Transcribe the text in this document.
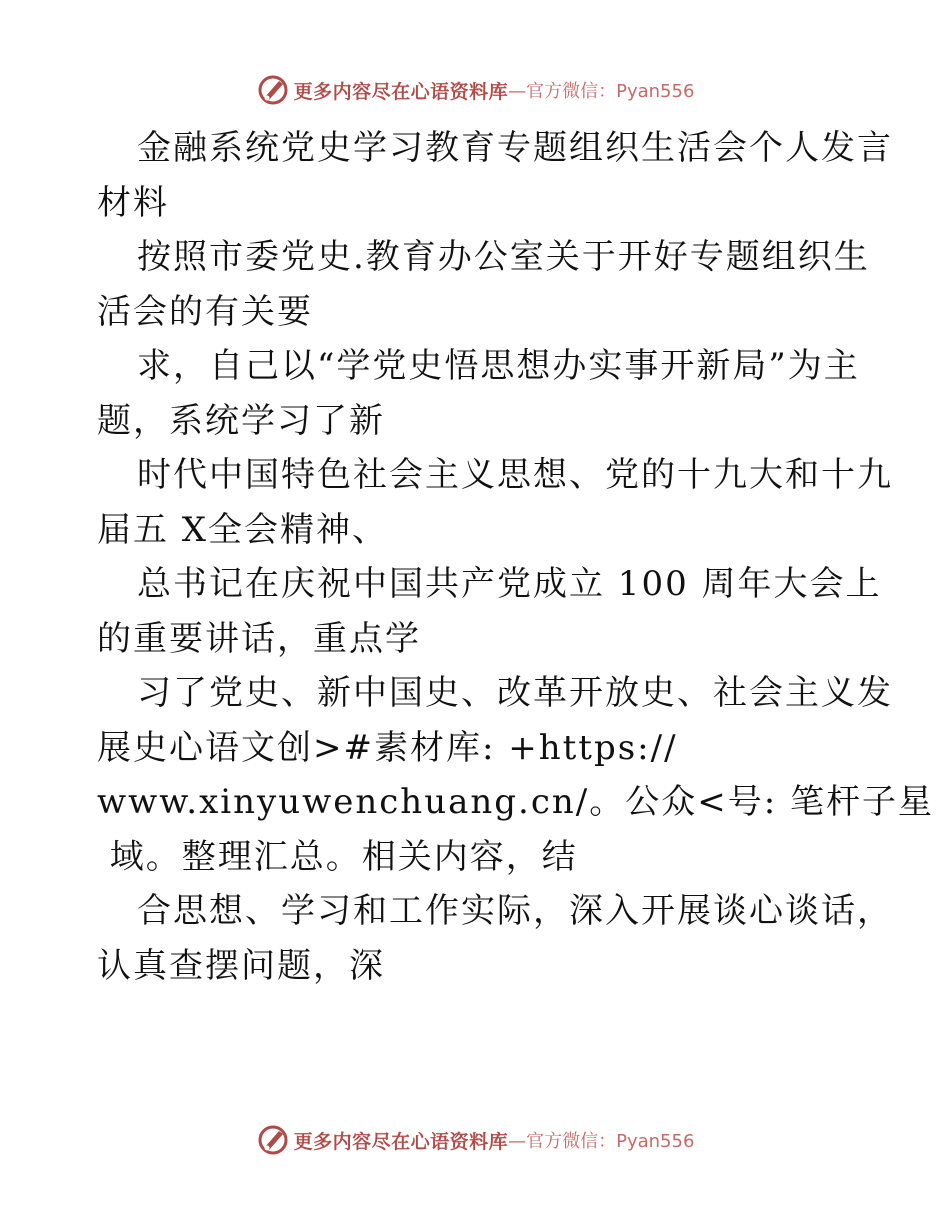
更多内容尽在心语资料库 —官方微信：Pyan556
金融系统党史学习教育专题组织生活会个人发言
材料
按照市委党史.教育办公室关于开好专题组织生
活会的有关要
求，自己以“学党史悟思想办实事开新局”为主
题，系统学习了新
时代中国特色社会主义思想、党的十九大和十九
届五 X全会精神、
总书记在庆祝中国共产党成立 100 周年大会上
的重要讲话，重点学
习了党史、新中国史、改革开放史、社会主义发
展史心语文创>#素材库: +https://
www.xinyuwenchuang.cn/。公众<号: 笔杆子星
域。整理汇总。相关内容，结
合思想、学习和工作实际，深入开展谈心谈话，
认真查摆问题，深
更多内容尽在心语资料库 —官方微信：Pyan556
